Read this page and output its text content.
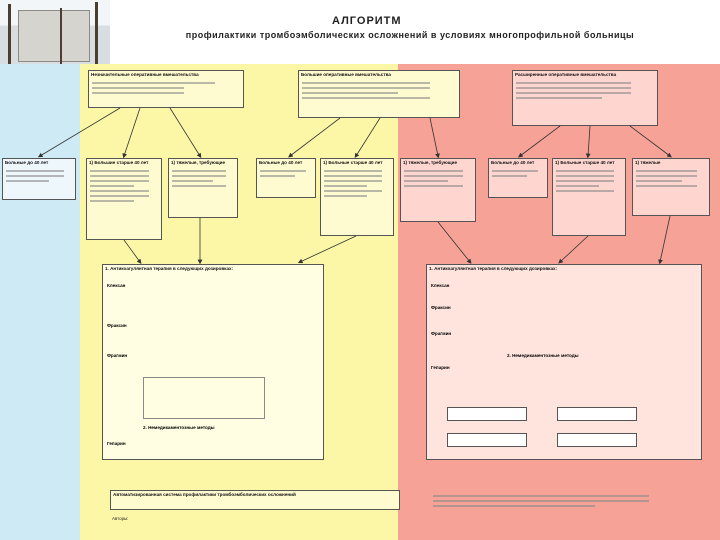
АЛГОРИТМ
профилактики тромбоэмболических осложнений в условиях многопрофильной больницы
Незначительные оперативные вмешательства	Большие оперативные вмешательства	Расширенные оперативные вмешательства
Больные до 40 лет	1) Большие старше 40 лет	1) тяжелые, требующие	Больные до 40 лет	1) Больные старше 40 лет	1) тяжелые, требующие	Больные до 40 лет	1) Больные старше 40 лет	1) тяжелые
1. Антикоагулянтная терапия в следующих дозировках:
Клексан
Фраксин
Фрагмин
2. Немедикаментозные методы
Гепарин
1. Антикоагулянтная терапия в следующих дозировках:
Клексан
Фраксин
Фрагмин
2. Немедикаментозные методы
Гепарин
Автоматизированная система профилактики тромбоэмболических осложнений
Авторы:
